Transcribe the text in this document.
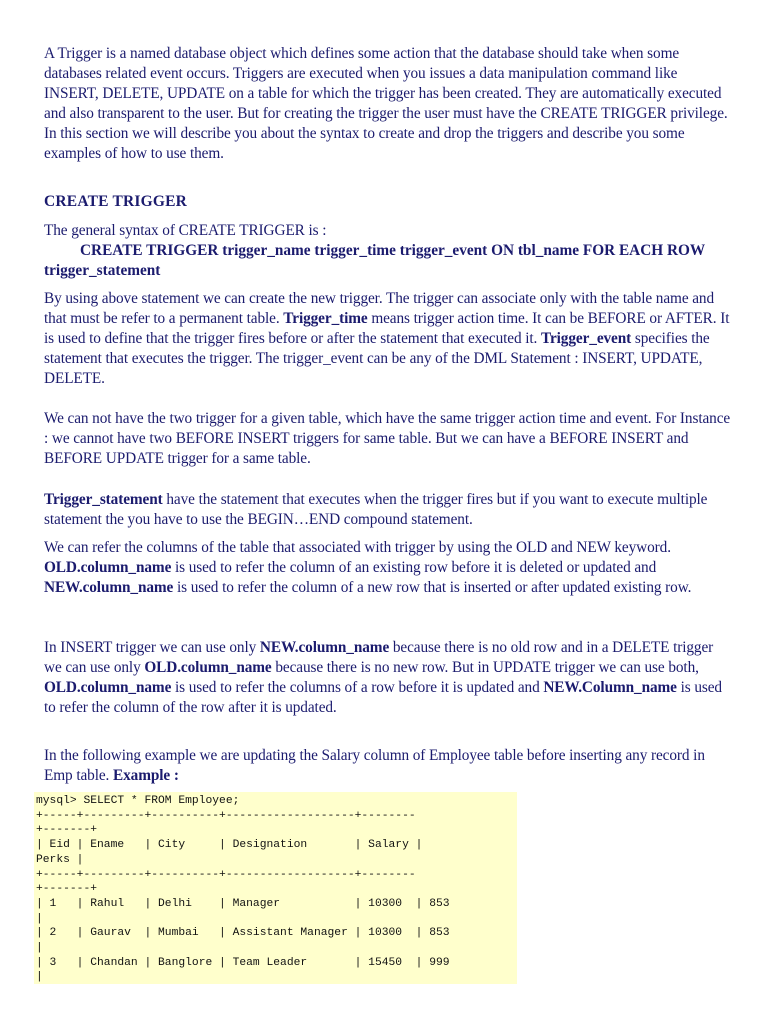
A Trigger is a named database object which defines some action that the database should take when some databases related event occurs. Triggers are executed when you issues a data manipulation command like INSERT, DELETE, UPDATE on a table for which the trigger has been created. They are automatically executed and also transparent to the user. But for creating the trigger the user must have the CREATE TRIGGER privilege. In this section we will describe you about the syntax to create and drop the triggers and describe you some examples of how to use them.

CREATE TRIGGER

The general syntax of CREATE TRIGGER is :

CREATE TRIGGER trigger_name trigger_time trigger_event ON tbl_name FOR EACH ROW trigger_statement

By using above statement we can create the new trigger. The trigger can associate only with the table name and that must be refer to a permanent table. Trigger_time means trigger action time. It can be BEFORE or AFTER. It is used to define that the trigger fires before or after the statement that executed it. Trigger_event specifies the statement that executes the trigger. The trigger_event can be any of the DML Statement : INSERT, UPDATE, DELETE.

We can not have the two trigger for a given table, which have the same trigger action time and event. For Instance : we cannot have two BEFORE INSERT triggers for same table. But we can have a BEFORE INSERT and BEFORE UPDATE trigger for a same table.

Trigger_statement have the statement that executes when the trigger fires but if you want to execute multiple statement the you have to use the BEGIN…END compound statement.

We can refer the columns of the table that associated with trigger by using the OLD and NEW keyword. OLD.column_name is used to refer the column of an existing row before it is deleted or updated and NEW.column_name is used to refer the column of a new row that is inserted or after updated existing row.

In INSERT trigger we can use only NEW.column_name because there is no old row and in a DELETE trigger we can use only OLD.column_name because there is no new row. But in UPDATE trigger we can use both, OLD.column_name is used to refer the columns of a row before it is updated and NEW.Column_name is used to refer the column of the row after it is updated.

In the following example we are updating the Salary column of Employee table before inserting any record in Emp table. Example :

mysql> SELECT * FROM Employee;
+-----+---------+----------+-------------------+--------
+-------+
| Eid | Ename   | City     | Designation       | Salary |
Perks |
+-----+---------+----------+-------------------+--------
+-------+
| 1   | Rahul   | Delhi    | Manager           | 10300  | 853
|
| 2   | Gaurav  | Mumbai   | Assistant Manager | 10300  | 853
|
| 3   | Chandan | Banglore | Team Leader       | 15450  | 999
|
